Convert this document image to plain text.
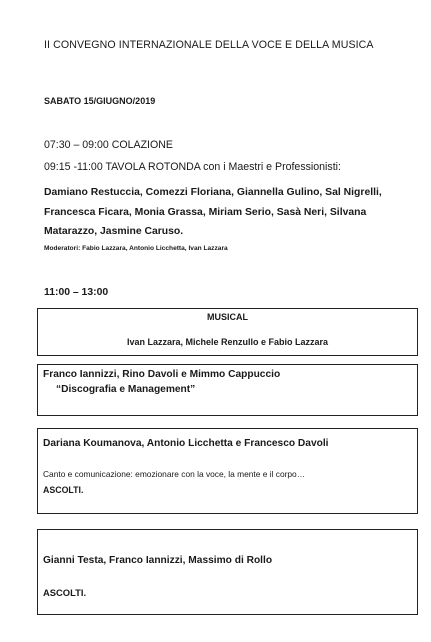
II CONVEGNO INTERNAZIONALE DELLA VOCE E DELLA MUSICA
SABATO 15/GIUGNO/2019
07:30 – 09:00 COLAZIONE
09:15 -11:00 TAVOLA ROTONDA con i Maestri e Professionisti:
Damiano Restuccia, Comezzi Floriana, Giannella Gulino, Sal Nigrelli,
Francesca Ficara, Monia Grassa, Miriam Serio, Sasà Neri, Silvana
Matarazzo, Jasmine Caruso.
Moderatori: Fabio Lazzara, Antonio Licchetta, Ivan Lazzara
11:00 – 13:00
MUSICAL
Ivan Lazzara, Michele Renzullo e Fabio Lazzara
Franco Iannizzi, Rino Davoli e Mimmo Cappuccio
“Discografia e Management”
Dariana Koumanova, Antonio Licchetta e Francesco Davoli
Canto e comunicazione: emozionare con la voce, la mente e il corpo…
ASCOLTI.
Gianni Testa, Franco Iannizzi, Massimo di Rollo
ASCOLTI.
